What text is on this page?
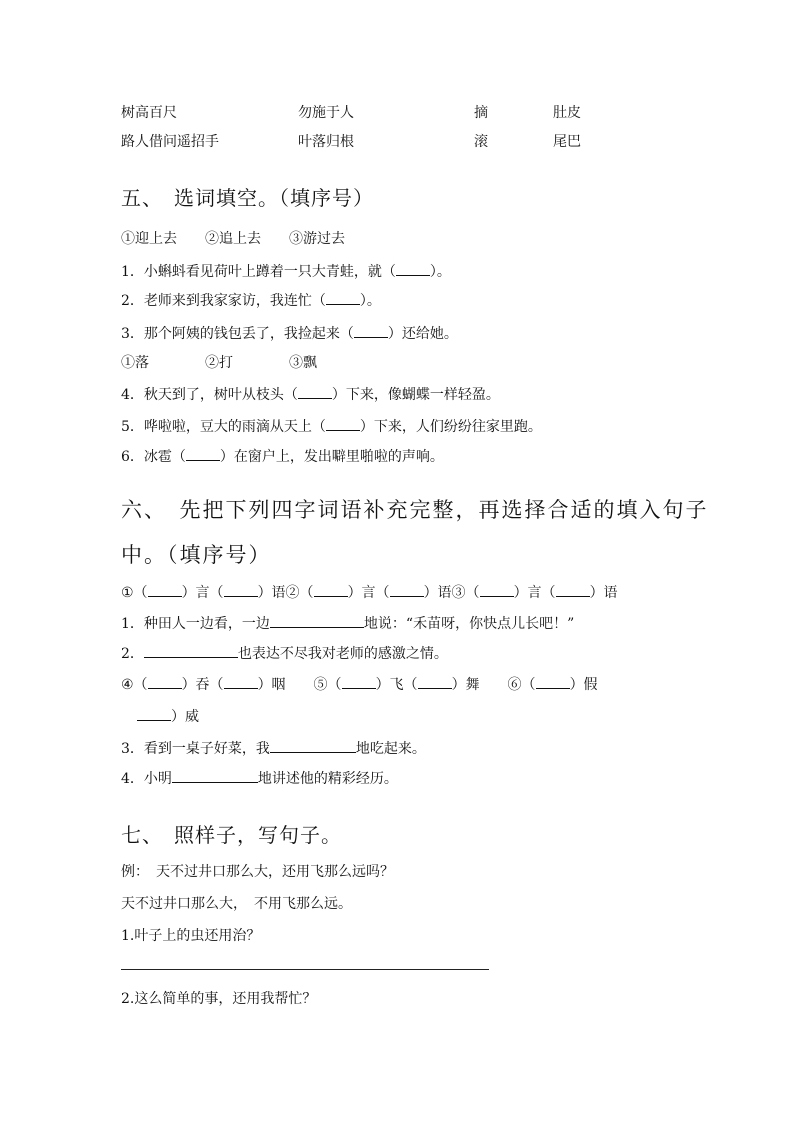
树高百尺	勿施于人	摘	肚皮
路人借问遥招手	叶落归根	滚	尾巴
五、　选词填空。（填序号）
①迎上去　　②追上去　　③游过去
1．小蝌蚪看见荷叶上蹲着一只大青蛙，就（ ）。
2．老师来到我家家访，我连忙（ ）。
3．那个阿姨的钱包丢了，我捡起来（ ）还给她。
①落　　　　②打　　　　③飘
4．秋天到了，树叶从枝头（ ）下来，像蝴蝶一样轻盈。
5．哗啦啦，豆大的雨滴从天上（ ）下来，人们纷纷往家里跑。
6．冰雹（ ）在窗户上，发出噼里啪啦的声响。
六、　先把下列四字词语补充完整，再选择合适的填入句子
中。（填序号）
①（ ）言（ ）语②（ ）言（ ）语③（ ）言（ ）语
1．种田人一边看，一边	地说：“禾苗呀，你快点儿长吧！”
2．	也表达不尽我对老师的感激之情。
④（ ）吞（ ）咽　　⑤（ ）飞（ ）舞　　⑥（ ）假
）威
3．看到一桌子好菜，我	地吃起来。
4．小明	地讲述他的精彩经历。
七、　照样子，写句子。
例：　天不过井口那么大，还用飞那么远吗？
天不过井口那么大，　不用飞那么远。
1.叶子上的虫还用治？
2.这么简单的事，还用我帮忙？
